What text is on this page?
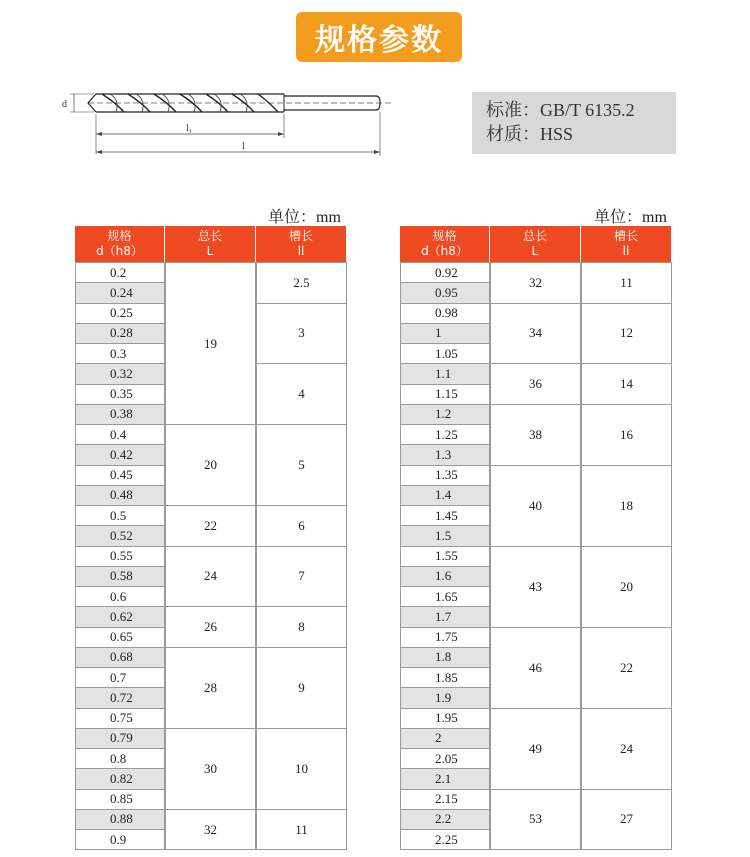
规格参数
d
l₁
l
标准：GB/T 6135.2
材质：HSS
单位：mm	单位：mm
规格
d（h8）
总长
L
槽长
ll
0.2
0.24
0.25
0.28
0.3
0.32
0.35
0.38
0.4
0.42
0.45
0.48
0.5
0.52
0.55
0.58
0.6
0.62
0.65
0.68
0.7
0.72
0.75
0.79
0.8
0.82
0.85
0.88
0.9
19
20
22
24
26
28
30
32
2.5
3
4
5
6
7
8
9
10
11
规格
d（h8）
总长
L
槽长
ll
0.92
0.95
0.98
1
1.05
1.1
1.15
1.2
1.25
1.3
1.35
1.4
1.45
1.5
1.55
1.6
1.65
1.7
1.75
1.8
1.85
1.9
1.95
2
2.05
2.1
2.15
2.2
2.25
32
34
36
38
40
43
46
49
53
11
12
14
16
18
20
22
24
27
